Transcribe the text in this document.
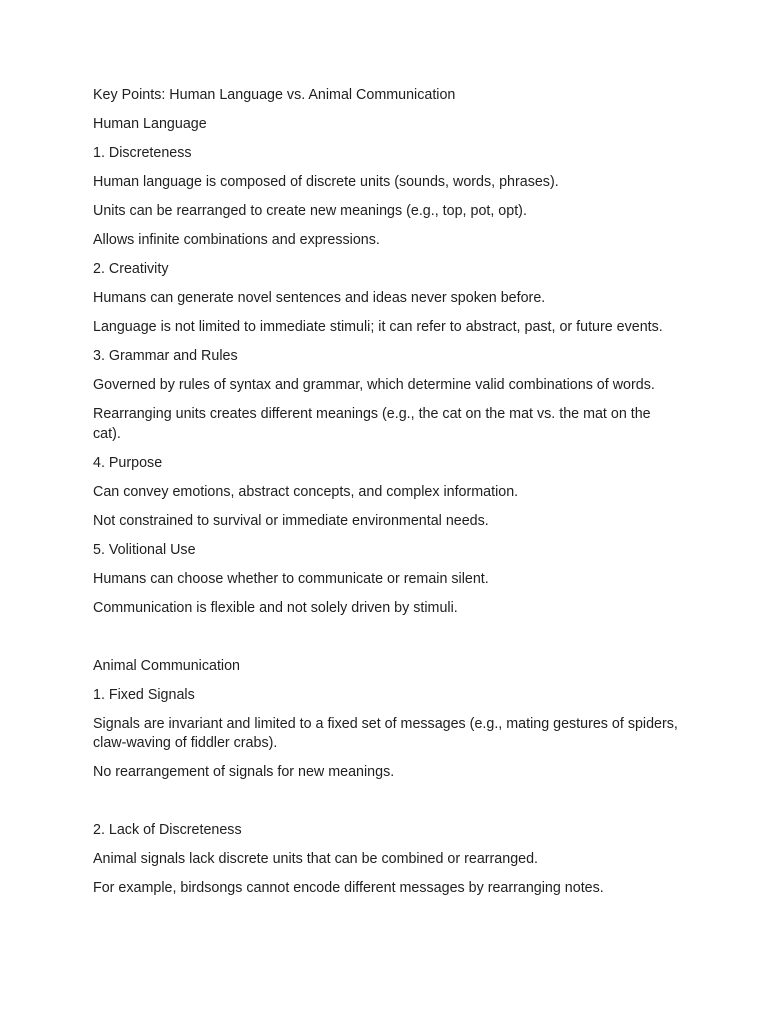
Key Points: Human Language vs. Animal Communication

Human Language

1. Discreteness

Human language is composed of discrete units (sounds, words, phrases).

Units can be rearranged to create new meanings (e.g., top, pot, opt).

Allows infinite combinations and expressions.

2. Creativity

Humans can generate novel sentences and ideas never spoken before.

Language is not limited to immediate stimuli; it can refer to abstract, past, or future events.

3. Grammar and Rules

Governed by rules of syntax and grammar, which determine valid combinations of words.

Rearranging units creates different meanings (e.g., the cat on the mat vs. the mat on the cat).

4. Purpose

Can convey emotions, abstract concepts, and complex information.

Not constrained to survival or immediate environmental needs.

5. Volitional Use

Humans can choose whether to communicate or remain silent.

Communication is flexible and not solely driven by stimuli.

Animal Communication

1. Fixed Signals

Signals are invariant and limited to a fixed set of messages (e.g., mating gestures of spiders, claw-waving of fiddler crabs).

No rearrangement of signals for new meanings.

2. Lack of Discreteness

Animal signals lack discrete units that can be combined or rearranged.

For example, birdsongs cannot encode different messages by rearranging notes.
